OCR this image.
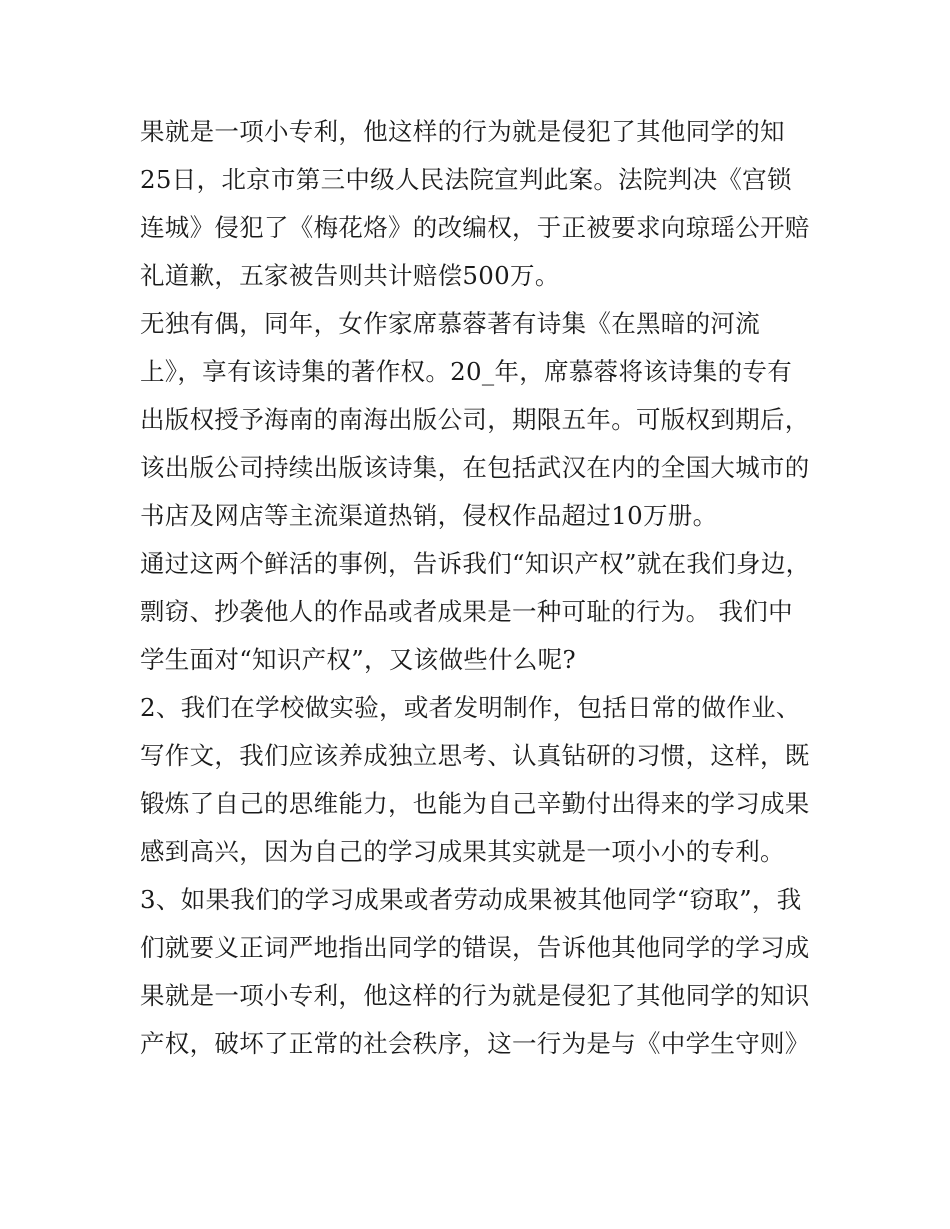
果就是一项小专利，他这样的行为就是侵犯了其他同学的知
25日，北京市第三中级人民法院宣判此案。法院判决《宫锁
连城》侵犯了《梅花烙》的改编权，于正被要求向琼瑶公开赔
礼道歉，五家被告则共计赔偿500万。
无独有偶，同年，女作家席慕蓉著有诗集《在黑暗的河流
上》，享有该诗集的著作权。20_年，席慕蓉将该诗集的专有
出版权授予海南的南海出版公司，期限五年。可版权到期后，
该出版公司持续出版该诗集，在包括武汉在内的全国大城市的
书店及网店等主流渠道热销，侵权作品超过10万册。
通过这两个鲜活的事例，告诉我们“知识产权”就在我们身边，
剽窃、抄袭他人的作品或者成果是一种可耻的行为。 我们中
学生面对“知识产权”，又该做些什么呢?
2、我们在学校做实验，或者发明制作，包括日常的做作业、
写作文，我们应该养成独立思考、认真钻研的习惯，这样，既
锻炼了自己的思维能力，也能为自己辛勤付出得来的学习成果
感到高兴，因为自己的学习成果其实就是一项小小的专利。
3、如果我们的学习成果或者劳动成果被其他同学“窃取”，我
们就要义正词严地指出同学的错误，告诉他其他同学的学习成
果就是一项小专利，他这样的行为就是侵犯了其他同学的知识
产权，破坏了正常的社会秩序，这一行为是与《中学生守则》
